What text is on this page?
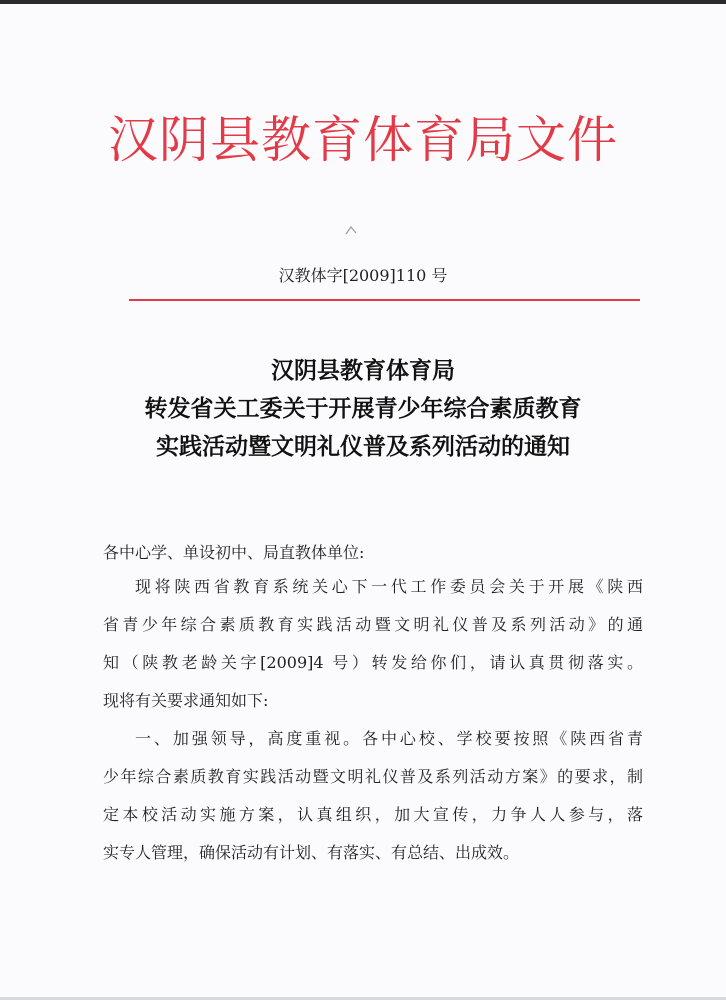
汉阴县教育体育局文件
汉教体字[2009]110 号
汉阴县教育体育局
转发省关工委关于开展青少年综合素质教育
实践活动暨文明礼仪普及系列活动的通知
各中心学、单设初中、局直教体单位:
现将陕西省教育系统关心下一代工作委员会关于开展《陕西
省青少年综合素质教育实践活动暨文明礼仪普及系列活动》的通
知（陕教老龄关字[2009]4 号）转发给你们，请认真贯彻落实。
现将有关要求通知如下:
一、加强领导，高度重视。各中心校、学校要按照《陕西省青
少年综合素质教育实践活动暨文明礼仪普及系列活动方案》的要求，制
定本校活动实施方案，认真组织，加大宣传，力争人人参与，落
实专人管理，确保活动有计划、有落实、有总结、出成效。
